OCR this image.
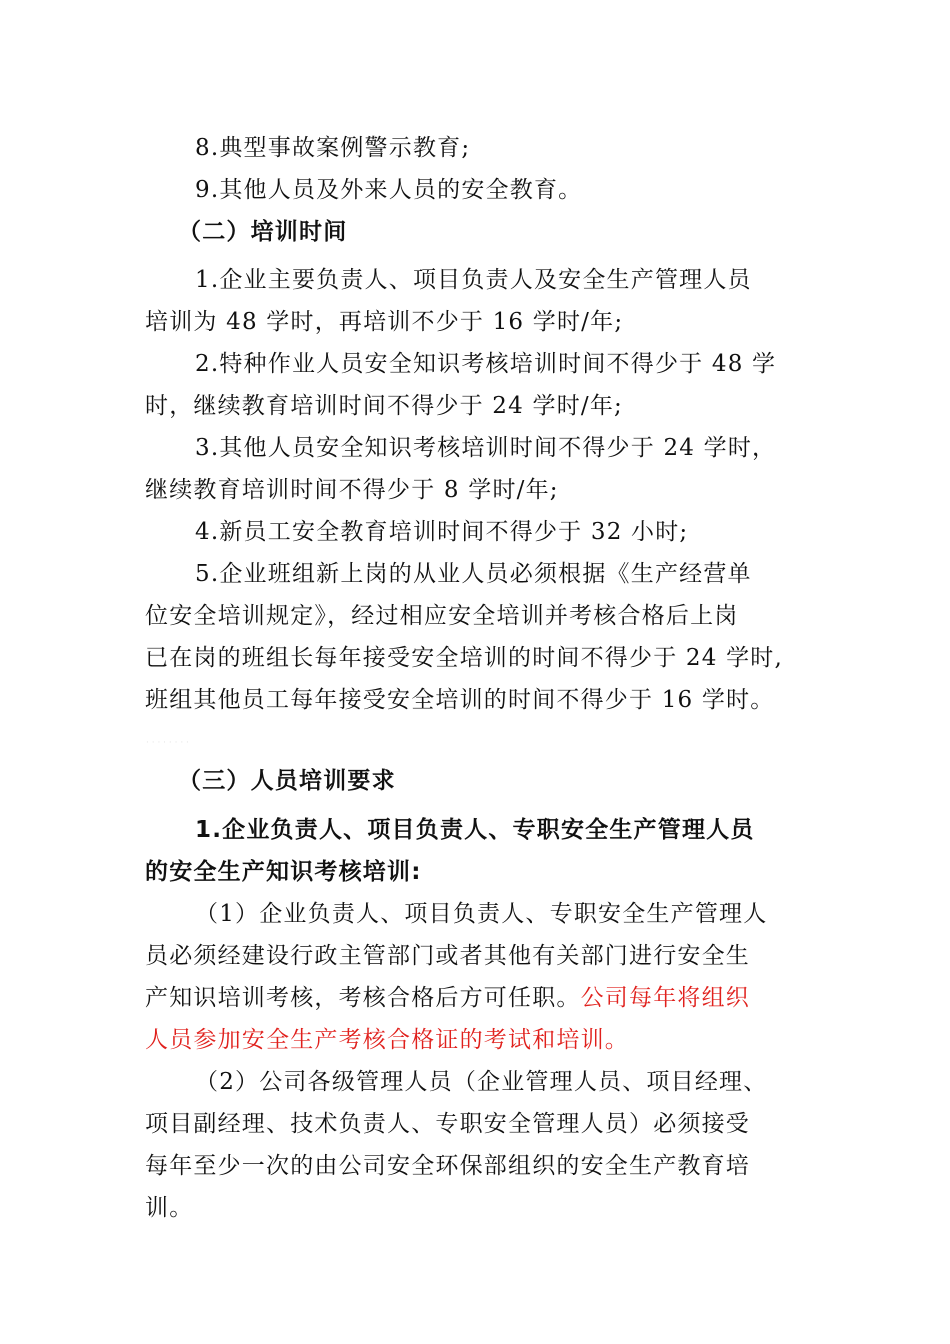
8.典型事故案例警示教育;
9.其他人员及外来人员的安全教育。
（二）培训时间
1.企业主要负责人、项目负责人及安全生产管理人员
培训为 48 学时，再培训不少于 16 学时/年;
2.特种作业人员安全知识考核培训时间不得少于 48 学
时，继续教育培训时间不得少于 24 学时/年;
3.其他人员安全知识考核培训时间不得少于 24 学时，
继续教育培训时间不得少于 8 学时/年;
4.新员工安全教育培训时间不得少于 32 小时;
5.企业班组新上岗的从业人员必须根据《生产经营单
位安全培训规定》，经过相应安全培训并考核合格后上岗
已在岗的班组长每年接受安全培训的时间不得少于 24 学时,
班组其他员工每年接受安全培训的时间不得少于 16 学时。
· · · · · · · ·
（三）人员培训要求
1.企业负责人、项目负责人、专职安全生产管理人员
的安全生产知识考核培训:
（1）企业负责人、项目负责人、专职安全生产管理人
员必须经建设行政主管部门或者其他有关部门进行安全生
产知识培训考核，考核合格后方可任职。公司每年将组织
人员参加安全生产考核合格证的考试和培训。
（2）公司各级管理人员（企业管理人员、项目经理、
项目副经理、技术负责人、专职安全管理人员）必须接受
每年至少一次的由公司安全环保部组织的安全生产教育培
训。
